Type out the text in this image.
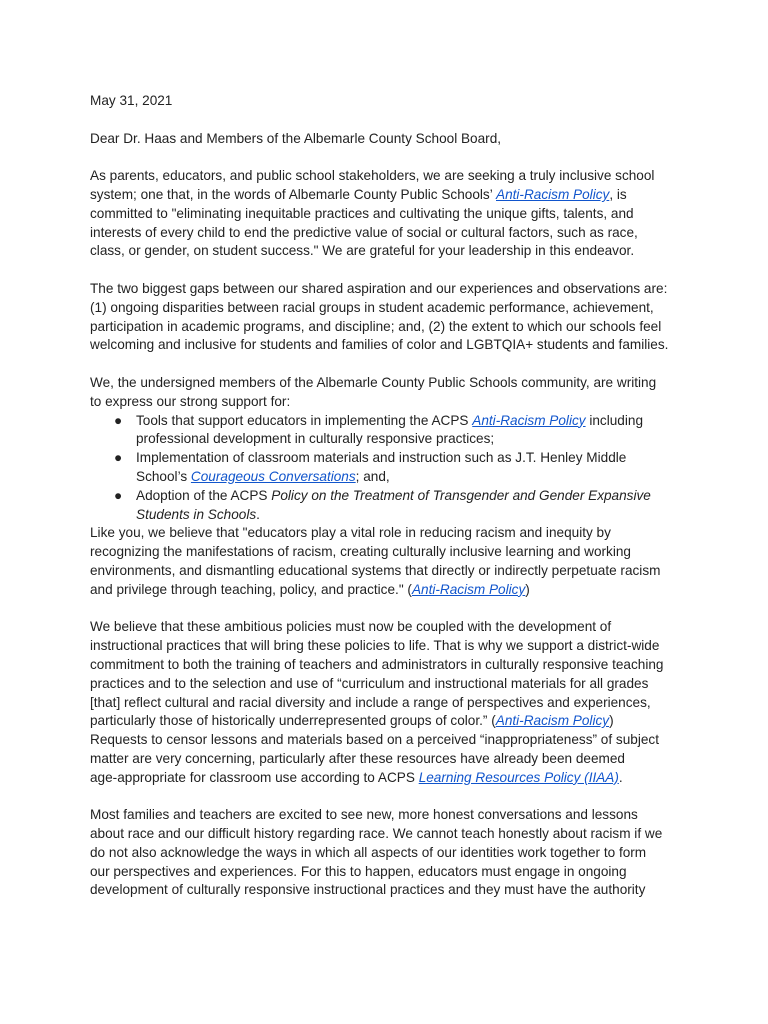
May 31, 2021
Dear Dr. Haas and Members of the Albemarle County School Board,
As parents, educators, and public school stakeholders, we are seeking a truly inclusive school
system; one that, in the words of Albemarle County Public Schools’ Anti-Racism Policy, is
committed to "eliminating inequitable practices and cultivating the unique gifts, talents, and
interests of every child to end the predictive value of social or cultural factors, such as race,
class, or gender, on student success." We are grateful for your leadership in this endeavor.
The two biggest gaps between our shared aspiration and our experiences and observations are:
(1) ongoing disparities between racial groups in student academic performance, achievement,
participation in academic programs, and discipline; and, (2) the extent to which our schools feel
welcoming and inclusive for students and families of color and LGBTQIA+ students and families.
We, the undersigned members of the Albemarle County Public Schools community, are writing
to express our strong support for:
● Tools that support educators in implementing the ACPS Anti-Racism Policy including
professional development in culturally responsive practices;
● Implementation of classroom materials and instruction such as J.T. Henley Middle
School’s Courageous Conversations; and,
● Adoption of the ACPS Policy on the Treatment of Transgender and Gender Expansive
Students in Schools.
Like you, we believe that "educators play a vital role in reducing racism and inequity by
recognizing the manifestations of racism, creating culturally inclusive learning and working
environments, and dismantling educational systems that directly or indirectly perpetuate racism
and privilege through teaching, policy, and practice." (Anti-Racism Policy)
We believe that these ambitious policies must now be coupled with the development of
instructional practices that will bring these policies to life. That is why we support a district-wide
commitment to both the training of teachers and administrators in culturally responsive teaching
practices and to the selection and use of “curriculum and instructional materials for all grades
[that] reflect cultural and racial diversity and include a range of perspectives and experiences,
particularly those of historically underrepresented groups of color.” (Anti-Racism Policy)
Requests to censor lessons and materials based on a perceived “inappropriateness” of subject
matter are very concerning, particularly after these resources have already been deemed
age-appropriate for classroom use according to ACPS Learning Resources Policy (IIAA).
Most families and teachers are excited to see new, more honest conversations and lessons
about race and our difficult history regarding race. We cannot teach honestly about racism if we
do not also acknowledge the ways in which all aspects of our identities work together to form
our perspectives and experiences. For this to happen, educators must engage in ongoing
development of culturally responsive instructional practices and they must have the authority
